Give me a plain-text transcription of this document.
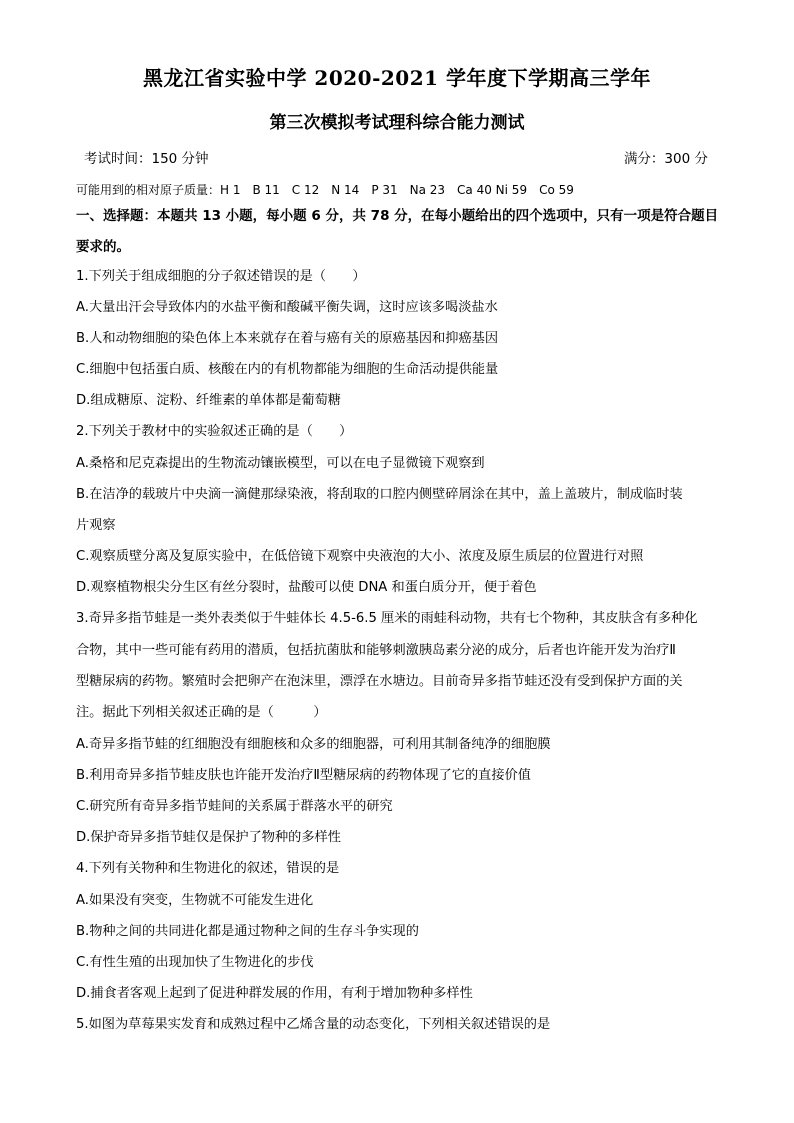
黑龙江省实验中学 2020-2021 学年度下学期高三学年
第三次模拟考试理科综合能力测试
考试时间：150 分钟	满分：300 分
可能用到的相对原子质量：H 1　B 11　C 12　N 14　P 31　Na 23　Ca 40 Ni 59　Co 59
一、选择题：本题共 13 小题，每小题 6 分，共 78 分，在每小题给出的四个选项中，只有一项是符合题目要求的。
1.下列关于组成细胞的分子叙述错误的是（　　）
A.大量出汗会导致体内的水盐平衡和酸碱平衡失调，这时应该多喝淡盐水
B.人和动物细胞的染色体上本来就存在着与癌有关的原癌基因和抑癌基因
C.细胞中包括蛋白质、核酸在内的有机物都能为细胞的生命活动提供能量
D.组成糖原、淀粉、纤维素的单体都是葡萄糖
2.下列关于教材中的实验叙述正确的是（　　）
A.桑格和尼克森提出的生物流动镶嵌模型，可以在电子显微镜下观察到
B.在洁净的载玻片中央滴一滴健那绿染液，将刮取的口腔内侧壁碎屑涂在其中，盖上盖玻片，制成临时装
片观察
C.观察质壁分离及复原实验中，在低倍镜下观察中央液泡的大小、浓度及原生质层的位置进行对照
D.观察植物根尖分生区有丝分裂时，盐酸可以使 DNA 和蛋白质分开，便于着色
3.奇异多指节蛙是一类外表类似于牛蛙体长 4.5-6.5 厘米的雨蛙科动物，共有七个物种，其皮肤含有多种化
合物，其中一些可能有药用的潜质，包括抗菌肽和能够刺激胰岛素分泌的成分，后者也许能开发为治疗Ⅱ
型糖尿病的药物。繁殖时会把卵产在泡沫里，漂浮在水塘边。目前奇异多指节蛙还没有受到保护方面的关
注。据此下列相关叙述正确的是（　　　）
A.奇异多指节蛙的红细胞没有细胞核和众多的细胞器，可利用其制备纯净的细胞膜
B.利用奇异多指节蛙皮肤也许能开发治疗Ⅱ型糖尿病的药物体现了它的直接价值
C.研究所有奇异多指节蛙间的关系属于群落水平的研究
D.保护奇异多指节蛙仅是保护了物种的多样性
4.下列有关物种和生物进化的叙述，错误的是
A.如果没有突变，生物就不可能发生进化
B.物种之间的共同进化都是通过物种之间的生存斗争实现的
C.有性生殖的出现加快了生物进化的步伐
D.捕食者客观上起到了促进种群发展的作用，有利于增加物种多样性
5.如图为草莓果实发育和成熟过程中乙烯含量的动态变化，下列相关叙述错误的是
